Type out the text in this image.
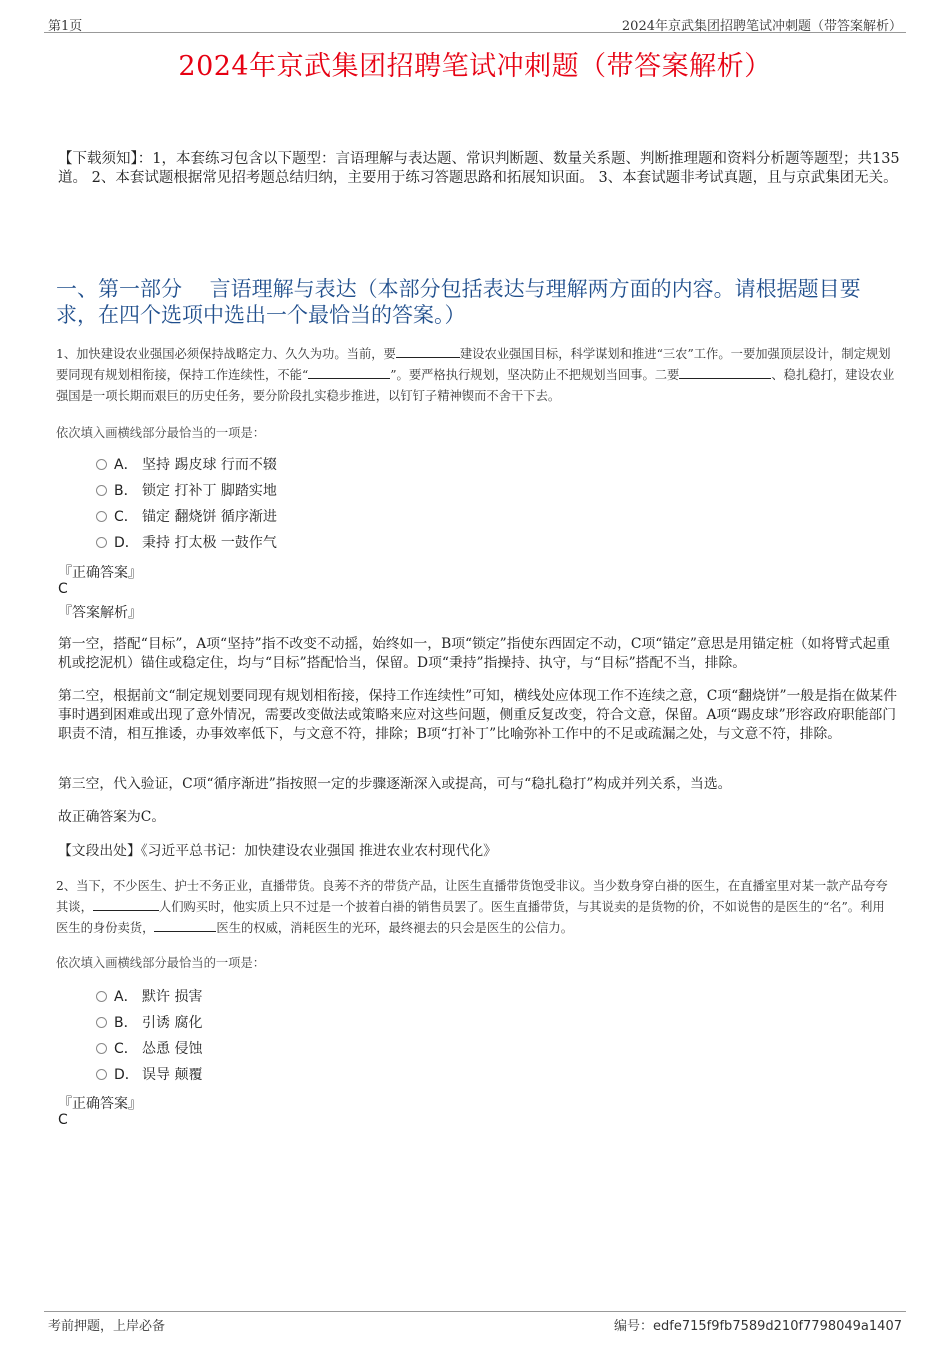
第1页	2024年京武集团招聘笔试冲刺题（带答案解析）
2024年京武集团招聘笔试冲刺题（带答案解析）
【下载须知】：1，本套练习包含以下题型：言语理解与表达题、常识判断题、数量关系题、判断推理题和资料分析题等题型；共135道。 2、本套试题根据常见招考题总结归纳，主要用于练习答题思路和拓展知识面。 3、本套试题非考试真题，且与京武集团无关。
一、第一部分　 言语理解与表达（本部分包括表达与理解两方面的内容。请根据题目要求，在四个选项中选出一个最恰当的答案。）
1、加快建设农业强国必须保持战略定力、久久为功。当前，要	建设农业强国目标，科学谋划和推进“三农”工作。一要加强顶层设计，制定规划要同现有规划相衔接，保持工作连续性，不能“	”。要严格执行规划，坚决防止不把规划当回事。二要	、稳扎稳打，建设农业强国是一项长期而艰巨的历史任务，要分阶段扎实稳步推进，以钉钉子精神锲而不舍干下去。
依次填入画横线部分最恰当的一项是：
A． 坚持 踢皮球 行而不辍
B． 锁定 打补丁 脚踏实地
C． 锚定 翻烧饼 循序渐进
D． 秉持 打太极 一鼓作气
『正确答案』
C
『答案解析』
第一空，搭配“目标”，A项“坚持”指不改变不动摇，始终如一，B项“锁定”指使东西固定不动，C项“锚定”意思是用锚定桩（如将臂式起重机或挖泥机）锚住或稳定住，均与“目标”搭配恰当，保留。D项“秉持”指操持、执守，与“目标”搭配不当，排除。
第二空，根据前文“制定规划要同现有规划相衔接，保持工作连续性”可知，横线处应体现工作不连续之意，C项“翻烧饼”一般是指在做某件事时遇到困难或出现了意外情况，需要改变做法或策略来应对这些问题，侧重反复改变，符合文意，保留。A项“踢皮球”形容政府职能部门职责不清，相互推诿，办事效率低下，与文意不符，排除；B项“打补丁”比喻弥补工作中的不足或疏漏之处，与文意不符，排除。
第三空，代入验证，C项“循序渐进”指按照一定的步骤逐渐深入或提高，可与“稳扎稳打”构成并列关系，当选。
故正确答案为C。
【文段出处】《习近平总书记：加快建设农业强国 推进农业农村现代化》
2、当下，不少医生、护士不务正业，直播带货。良莠不齐的带货产品，让医生直播带货饱受非议。当少数身穿白褂的医生，在直播室里对某一款产品夸夸其谈，	人们购买时，他实质上只不过是一个披着白褂的销售员罢了。医生直播带货，与其说卖的是货物的价，不如说售的是医生的“名”。利用医生的身份卖货，	医生的权威，消耗医生的光环，最终褪去的只会是医生的公信力。
依次填入画横线部分最恰当的一项是：
A． 默许 损害
B． 引诱 腐化
C． 怂恿 侵蚀
D． 误导 颠覆
『正确答案』
C
考前押题，上岸必备	编号：edfe715f9fb7589d210f7798049a1407
